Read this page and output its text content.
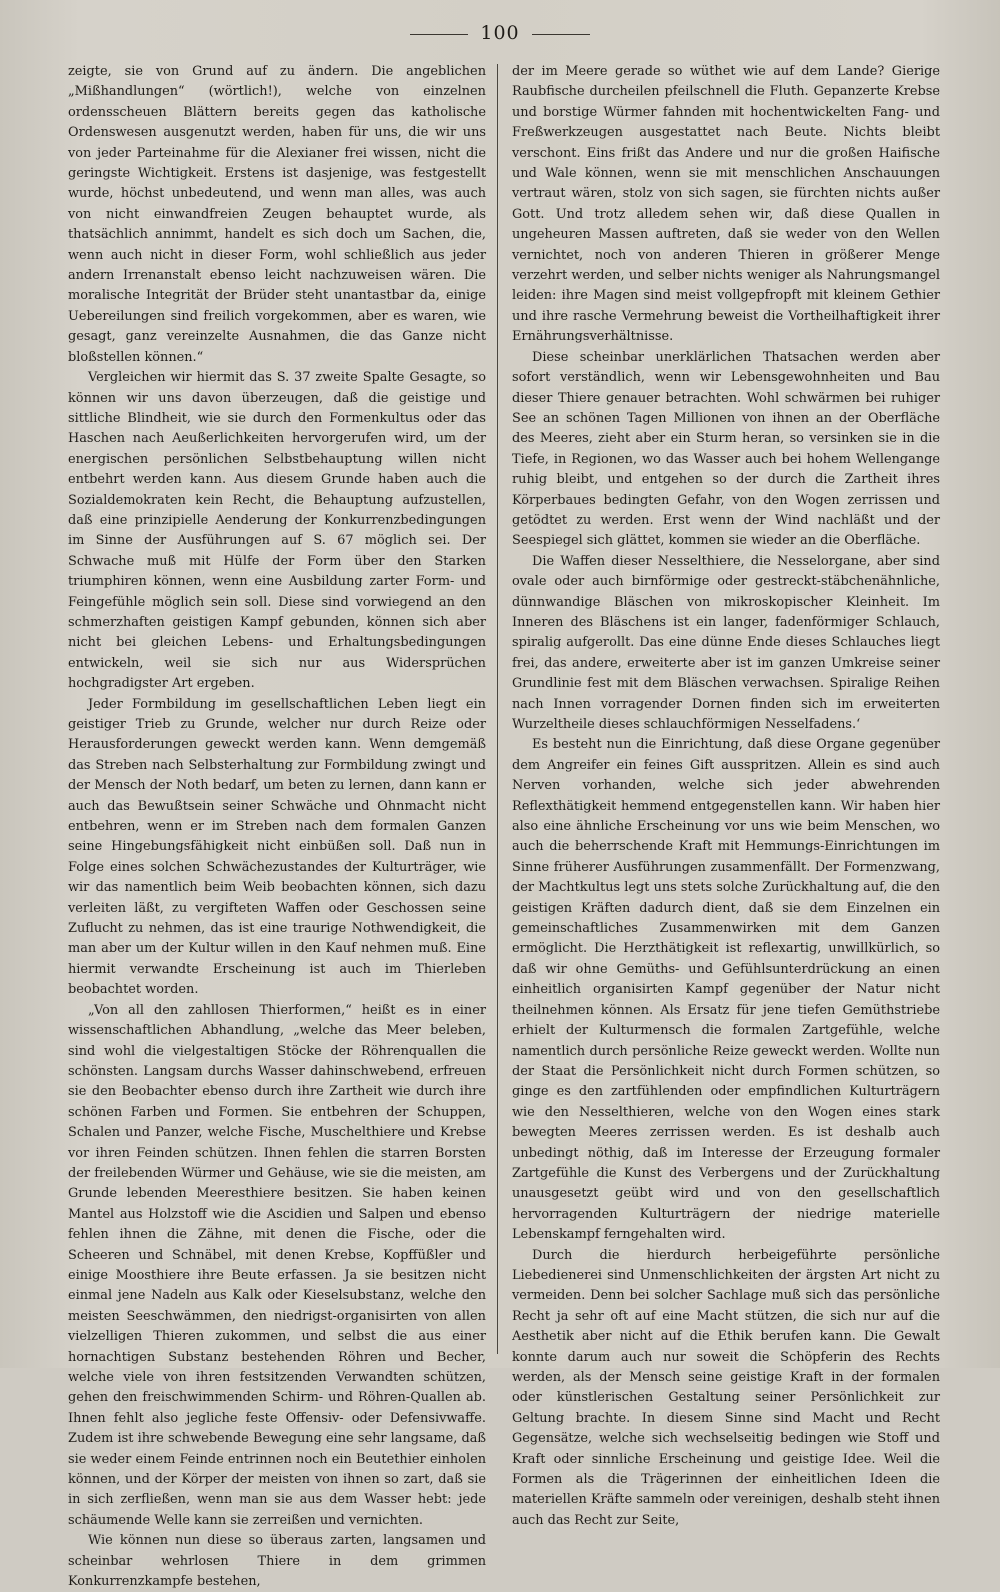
100

zeigte, sie von Grund auf zu ändern. Die angeblichen „Mißhandlungen“ (wörtlich!), welche von einzelnen ordensscheuen Blättern bereits gegen das katholische Ordenswesen ausgenutzt werden, haben für uns, die wir uns von jeder Parteinahme für die Alexianer frei wissen, nicht die geringste Wichtigkeit. Erstens ist dasjenige, was festgestellt wurde, höchst unbedeutend, und wenn man alles, was auch von nicht einwandfreien Zeugen behauptet wurde, als thatsächlich annimmt, handelt es sich doch um Sachen, die, wenn auch nicht in dieser Form, wohl schließlich aus jeder andern Irrenanstalt ebenso leicht nachzuweisen wären. Die moralische Integrität der Brüder steht unantastbar da, einige Uebereilungen sind freilich vorgekommen, aber es waren, wie gesagt, ganz vereinzelte Ausnahmen, die das Ganze nicht bloßstellen können.“

Vergleichen wir hiermit das S. 37 zweite Spalte Gesagte, so können wir uns davon überzeugen, daß die geistige und sittliche Blindheit, wie sie durch den Formenkultus oder das Haschen nach Aeußerlichkeiten hervorgerufen wird, um der energischen persönlichen Selbstbehauptung willen nicht entbehrt werden kann. Aus diesem Grunde haben auch die Sozialdemokraten kein Recht, die Behauptung aufzustellen, daß eine prinzipielle Aenderung der Konkurrenzbedingungen im Sinne der Ausführungen auf S. 67 möglich sei. Der Schwache muß mit Hülfe der Form über den Starken triumphiren können, wenn eine Ausbildung zarter Form- und Feingefühle möglich sein soll. Diese sind vorwiegend an den schmerzhaften geistigen Kampf gebunden, können sich aber nicht bei gleichen Lebens- und Erhaltungsbedingungen entwickeln, weil sie sich nur aus Widersprüchen hochgradigster Art ergeben.

Jeder Formbildung im gesellschaftlichen Leben liegt ein geistiger Trieb zu Grunde, welcher nur durch Reize oder Herausforderungen geweckt werden kann. Wenn demgemäß das Streben nach Selbsterhaltung zur Formbildung zwingt und der Mensch der Noth bedarf, um beten zu lernen, dann kann er auch das Bewußtsein seiner Schwäche und Ohnmacht nicht entbehren, wenn er im Streben nach dem formalen Ganzen seine Hingebungsfähigkeit nicht einbüßen soll. Daß nun in Folge eines solchen Schwächezustandes der Kulturträger, wie wir das namentlich beim Weib beobachten können, sich dazu verleiten läßt, zu vergifteten Waffen oder Geschossen seine Zuflucht zu nehmen, das ist eine traurige Nothwendigkeit, die man aber um der Kultur willen in den Kauf nehmen muß. Eine hiermit verwandte Erscheinung ist auch im Thierleben beobachtet worden.

„Von all den zahllosen Thierformen,“ heißt es in einer wissenschaftlichen Abhandlung, „welche das Meer beleben, sind wohl die vielgestaltigen Stöcke der Röhrenquallen die schönsten. Langsam durchs Wasser dahinschwebend, erfreuen sie den Beobachter ebenso durch ihre Zartheit wie durch ihre schönen Farben und Formen. Sie entbehren der Schuppen, Schalen und Panzer, welche Fische, Muschelthiere und Krebse vor ihren Feinden schützen. Ihnen fehlen die starren Borsten der freilebenden Würmer und Gehäuse, wie sie die meisten, am Grunde lebenden Meeresthiere besitzen. Sie haben keinen Mantel aus Holzstoff wie die Ascidien und Salpen und ebenso fehlen ihnen die Zähne, mit denen die Fische, oder die Scheeren und Schnäbel, mit denen Krebse, Kopffüßler und einige Moosthiere ihre Beute erfassen. Ja sie besitzen nicht einmal jene Nadeln aus Kalk oder Kieselsubstanz, welche den meisten Seeschwämmen, den niedrigst-organisirten von allen vielzelligen Thieren zukommen, und selbst die aus einer hornachtigen Substanz bestehenden Röhren und Becher, welche viele von ihren festsitzenden Verwandten schützen, gehen den freischwimmenden Schirm- und Röhren-Quallen ab. Ihnen fehlt also jegliche feste Offensiv- oder Defensivwaffe. Zudem ist ihre schwebende Bewegung eine sehr langsame, daß sie weder einem Feinde entrinnen noch ein Beutethier einholen können, und der Körper der meisten von ihnen so zart, daß sie in sich zerfließen, wenn man sie aus dem Wasser hebt: jede schäumende Welle kann sie zerreißen und vernichten.

Wie können nun diese so überaus zarten, langsamen und scheinbar wehrlosen Thiere in dem grimmen Konkurrenzkampfe bestehen,

der im Meere gerade so wüthet wie auf dem Lande? Gierige Raubfische durcheilen pfeilschnell die Fluth. Gepanzerte Krebse und borstige Würmer fahnden mit hochentwickelten Fang- und Freßwerkzeugen ausgestattet nach Beute. Nichts bleibt verschont. Eins frißt das Andere und nur die großen Haifische und Wale können, wenn sie mit menschlichen Anschauungen vertraut wären, stolz von sich sagen, sie fürchten nichts außer Gott. Und trotz alledem sehen wir, daß diese Quallen in ungeheuren Massen auftreten, daß sie weder von den Wellen vernichtet, noch von anderen Thieren in größerer Menge verzehrt werden, und selber nichts weniger als Nahrungsmangel leiden: ihre Magen sind meist vollgepfropft mit kleinem Gethier und ihre rasche Vermehrung beweist die Vortheilhaftigkeit ihrer Ernährungsverhältnisse.

Diese scheinbar unerklärlichen Thatsachen werden aber sofort verständlich, wenn wir Lebensgewohnheiten und Bau dieser Thiere genauer betrachten. Wohl schwärmen bei ruhiger See an schönen Tagen Millionen von ihnen an der Oberfläche des Meeres, zieht aber ein Sturm heran, so versinken sie in die Tiefe, in Regionen, wo das Wasser auch bei hohem Wellengange ruhig bleibt, und entgehen so der durch die Zartheit ihres Körperbaues bedingten Gefahr, von den Wogen zerrissen und getödtet zu werden. Erst wenn der Wind nachläßt und der Seespiegel sich glättet, kommen sie wieder an die Oberfläche.

Die Waffen dieser Nesselthiere, die Nesselorgane, aber sind ovale oder auch birnförmige oder gestreckt-stäbchenähnliche, dünnwandige Bläschen von mikroskopischer Kleinheit. Im Inneren des Bläschens ist ein langer, fadenförmiger Schlauch, spiralig aufgerollt. Das eine dünne Ende dieses Schlauches liegt frei, das andere, erweiterte aber ist im ganzen Umkreise seiner Grundlinie fest mit dem Bläschen verwachsen. Spiralige Reihen nach Innen vorragender Dornen finden sich im erweiterten Wurzeltheile dieses schlauchförmigen Nesselfadens.‘

Es besteht nun die Einrichtung, daß diese Organe gegenüber dem Angreifer ein feines Gift ausspritzen. Allein es sind auch Nerven vorhanden, welche sich jeder abwehrenden Reflexthätigkeit hemmend entgegenstellen kann. Wir haben hier also eine ähnliche Erscheinung vor uns wie beim Menschen, wo auch die beherrschende Kraft mit Hemmungs-Einrichtungen im Sinne früherer Ausführungen zusammenfällt. Der Formenzwang, der Machtkultus legt uns stets solche Zurückhaltung auf, die den geistigen Kräften dadurch dient, daß sie dem Einzelnen ein gemeinschaftliches Zusammenwirken mit dem Ganzen ermöglicht. Die Herzthätigkeit ist reflexartig, unwillkürlich, so daß wir ohne Gemüths- und Gefühlsunterdrückung an einen einheitlich organisirten Kampf gegenüber der Natur nicht theilnehmen können. Als Ersatz für jene tiefen Gemüthstriebe erhielt der Kulturmensch die formalen Zartgefühle, welche namentlich durch persönliche Reize geweckt werden. Wollte nun der Staat die Persönlichkeit nicht durch Formen schützen, so ginge es den zartfühlenden oder empfindlichen Kulturträgern wie den Nesselthieren, welche von den Wogen eines stark bewegten Meeres zerrissen werden. Es ist deshalb auch unbedingt nöthig, daß im Interesse der Erzeugung formaler Zartgefühle die Kunst des Verbergens und der Zurückhaltung unausgesetzt geübt wird und von den gesellschaftlich hervorragenden Kulturträgern der niedrige materielle Lebenskampf ferngehalten wird.

Durch die hierdurch herbeigeführte persönliche Liebedienerei sind Unmenschlichkeiten der ärgsten Art nicht zu vermeiden. Denn bei solcher Sachlage muß sich das persönliche Recht ja sehr oft auf eine Macht stützen, die sich nur auf die Aesthetik aber nicht auf die Ethik berufen kann. Die Gewalt konnte darum auch nur soweit die Schöpferin des Rechts werden, als der Mensch seine geistige Kraft in der formalen oder künstlerischen Gestaltung seiner Persönlichkeit zur Geltung brachte. In diesem Sinne sind Macht und Recht Gegensätze, welche sich wechselseitig bedingen wie Stoff und Kraft oder sinnliche Erscheinung und geistige Idee. Weil die Formen als die Trägerinnen der einheitlichen Ideen die materiellen Kräfte sammeln oder vereinigen, deshalb steht ihnen auch das Recht zur Seite,
